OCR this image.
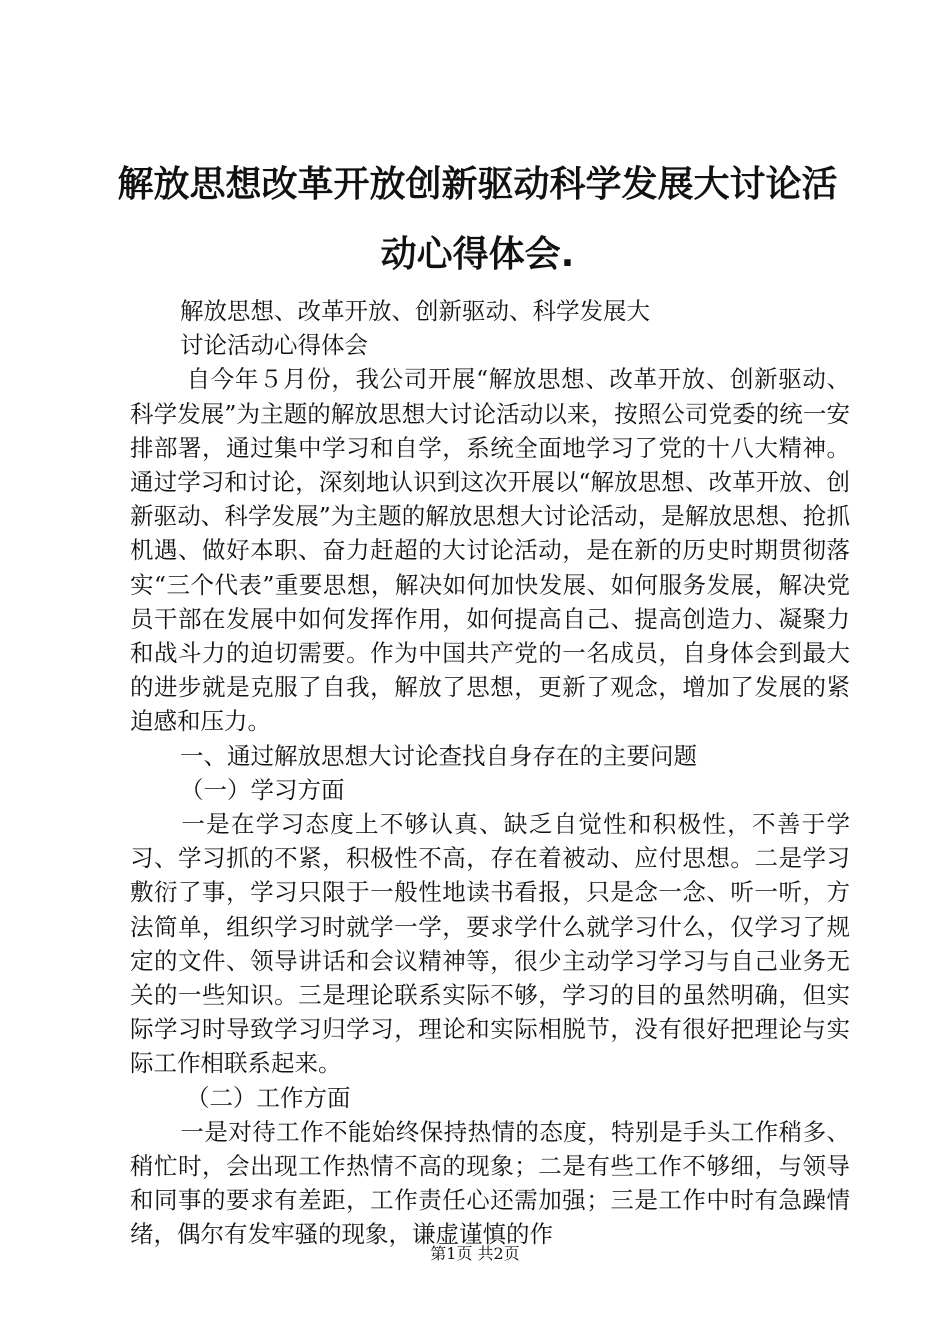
解放思想改革开放创新驱动科学发展大讨论活动心得体会.

解放思想、改革开放、创新驱动、科学发展大

讨论活动心得体会

自今年５月份，我公司开展“解放思想、改革开放、创新驱动、科学发展”为主题的解放思想大讨论活动以来，按照公司党委的统一安排部署，通过集中学习和自学，系统全面地学习了党的十八大精神。通过学习和讨论，深刻地认识到这次开展以“解放思想、改革开放、创新驱动、科学发展”为主题的解放思想大讨论活动，是解放思想、抢抓机遇、做好本职、奋力赶超的大讨论活动，是在新的历史时期贯彻落实“三个代表”重要思想，解决如何加快发展、如何服务发展，解决党员干部在发展中如何发挥作用，如何提高自己、提高创造力、凝聚力和战斗力的迫切需要。作为中国共产党的一名成员，自身体会到最大的进步就是克服了自我，解放了思想，更新了观念，增加了发展的紧迫感和压力。

一、通过解放思想大讨论查找自身存在的主要问题

（一）学习方面

一是在学习态度上不够认真、缺乏自觉性和积极性，不善于学习、学习抓的不紧，积极性不高，存在着被动、应付思想。二是学习敷衍了事，学习只限于一般性地读书看报，只是念一念、听一听，方法简单，组织学习时就学一学，要求学什么就学习什么，仅学习了规定的文件、领导讲话和会议精神等，很少主动学习学习与自己业务无关的一些知识。三是理论联系实际不够，学习的目的虽然明确，但实际学习时导致学习归学习，理论和实际相脱节，没有很好把理论与实际工作相联系起来。

（二）工作方面

一是对待工作不能始终保持热情的态度，特别是手头工作稍多、稍忙时，会出现工作热情不高的现象；二是有些工作不够细，与领导和同事的要求有差距，工作责任心还需加强；三是工作中时有急躁情绪，偶尔有发牢骚的现象，谦虚谨慎的作

第1页 共2页
